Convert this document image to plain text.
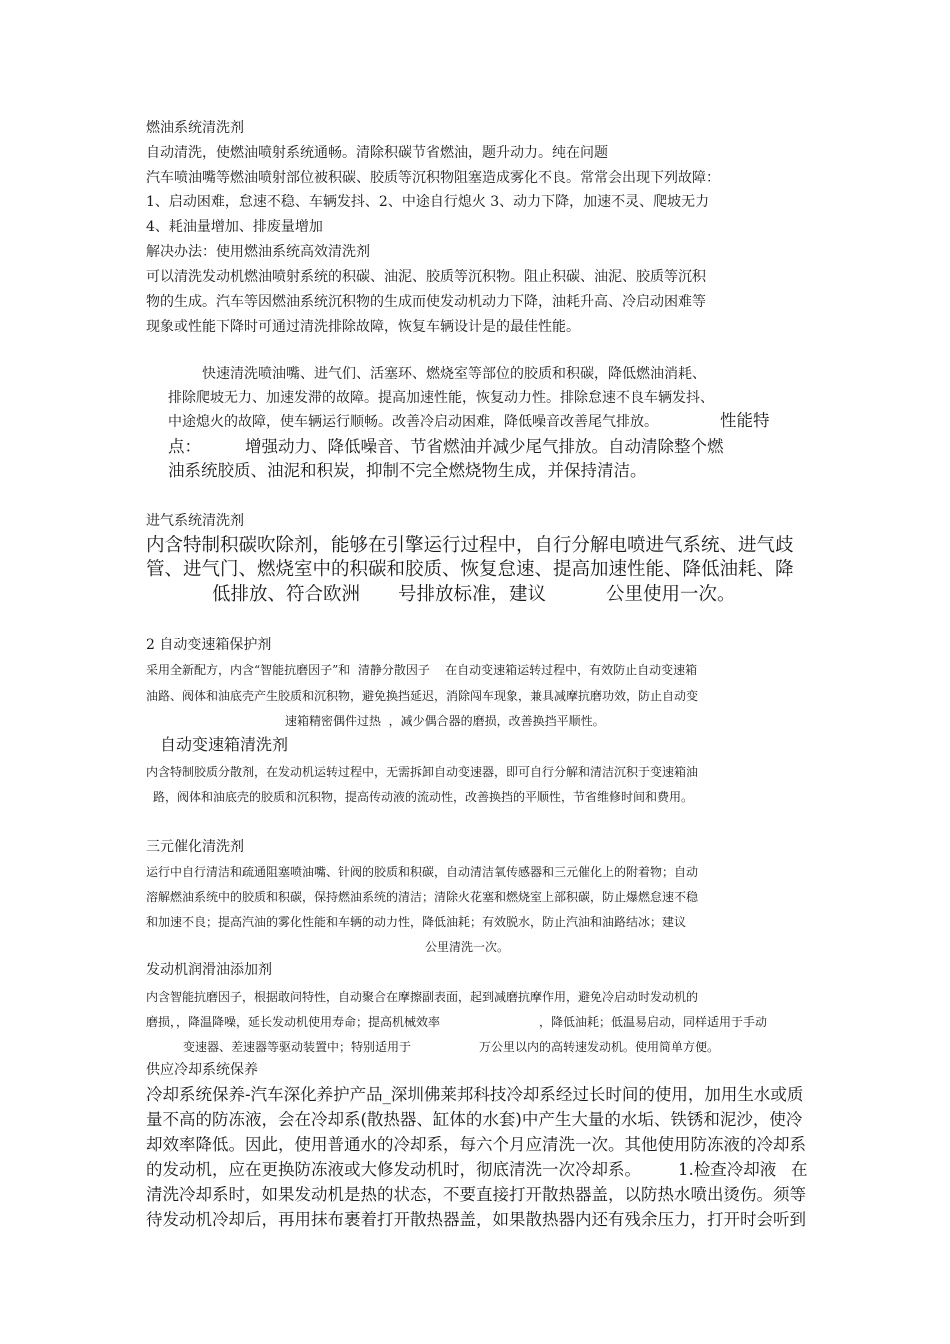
燃油系统清洗剂
自动清洗，使燃油喷射系统通畅。清除积碳节省燃油，题升动力。纯在问题
汽车喷油嘴等燃油喷射部位被积碳、胶质等沉积物阻塞造成雾化不良。常常会出现下列故障：
1、启动困难，怠速不稳、车辆发抖、2、中途自行熄火 3、动力下降，加速不灵、爬坡无力
4、耗油量增加、排废量增加
解决办法：使用燃油系统高效清洗剂
可以清洗发动机燃油喷射系统的积碳、油泥、胶质等沉积物。阻止积碳、油泥、胶质等沉积
物的生成。汽车等因燃油系统沉积物的生成而使发动机动力下降，油耗升高、冷启动困难等
现象或性能下降时可通过清洗排除故障，恢复车辆设计是的最佳性能。
快速清洗喷油嘴、进气们、活塞环、燃烧室等部位的胶质和积碳，降低燃油消耗、
排除爬坡无力、加速发滞的故障。提高加速性能，恢复动力性。排除怠速不良车辆发抖、
中途熄火的故障，使车辆运行顺畅。改善冷启动困难，降低噪音改善尾气排放。	性能特
点：	增强动力、降低噪音、节省燃油并减少尾气排放。自动清除整个燃
油系统胶质、油泥和积炭，抑制不完全燃烧物生成，并保持清洁。
进气系统清洗剂
内含特制积碳吹除剂，能够在引擎运行过程中，自行分解电喷进气系统、进气歧
管、进气门、燃烧室中的积碳和胶质、恢复怠速、提高加速性能、降低油耗、降
低排放、符合欧洲 号排放标准，建议	公里使用一次。
2 自动变速箱保护剂
采用全新配方，内含“智能抗磨因子”和  清静分散因子    在自动变速箱运转过程中，有效防止自动变速箱
油路、阀体和油底壳产生胶质和沉积物，避免换挡延迟，消除闯车现象，兼具减摩抗磨功效，防止自动变
速箱精密偶件过热  ，减少偶合器的磨损，改善换挡平顺性。
自动变速箱清洗剂
内含特制胶质分散剂，在发动机运转过程中，无需拆卸自动变速器，即可自行分解和清洁沉积于变速箱油
路，阀体和油底壳的胶质和沉积物，提高传动液的流动性，改善换挡的平顺性，节省维修时间和费用。
三元催化清洗剂
运行中自行清洁和疏通阻塞喷油嘴、针阀的胶质和积碳，自动清洁氧传感器和三元催化上的附着物；自动
溶解燃油系统中的胶质和积碳，保持燃油系统的清洁；清除火花塞和燃烧室上部积碳，防止爆燃怠速不稳
和加速不良；提高汽油的雾化性能和车辆的动力性，降低油耗；有效脱水，防止汽油和油路结冰；建议
公里清洗一次。
发动机润滑油添加剂
内含智能抗磨因子，根据敢问特性，自动聚合在摩擦副表面，起到减磨抗摩作用，避免冷启动时发动机的
磨损，，降温降噪，延长发动机使用寿命；提高机械效率	，降低油耗；低温易启动，同样适用于手动
变速器、差速器等驱动装置中；特别适用于	万公里以内的高转速发动机。使用简单方便。
供应冷却系统保养
冷却系统保养-汽车深化养护产品_深圳佛莱邦科技冷却系经过长时间的使用，加用生水或质
量不高的防冻液，会在冷却系(散热器、缸体的水套)中产生大量的水垢、铁锈和泥沙，使冷
却效率降低。因此，使用普通水的冷却系，每六个月应清洗一次。其他使用防冻液的冷却系
的发动机，应在更换防冻液或大修发动机时，彻底清洗一次冷却系。 1.检查冷却液 在
清洗冷却系时，如果发动机是热的状态，不要直接打开散热器盖，以防热水喷出烫伤。须等
待发动机冷却后，再用抹布裹着打开散热器盖，如果散热器内还有残余压力，打开时会听到
